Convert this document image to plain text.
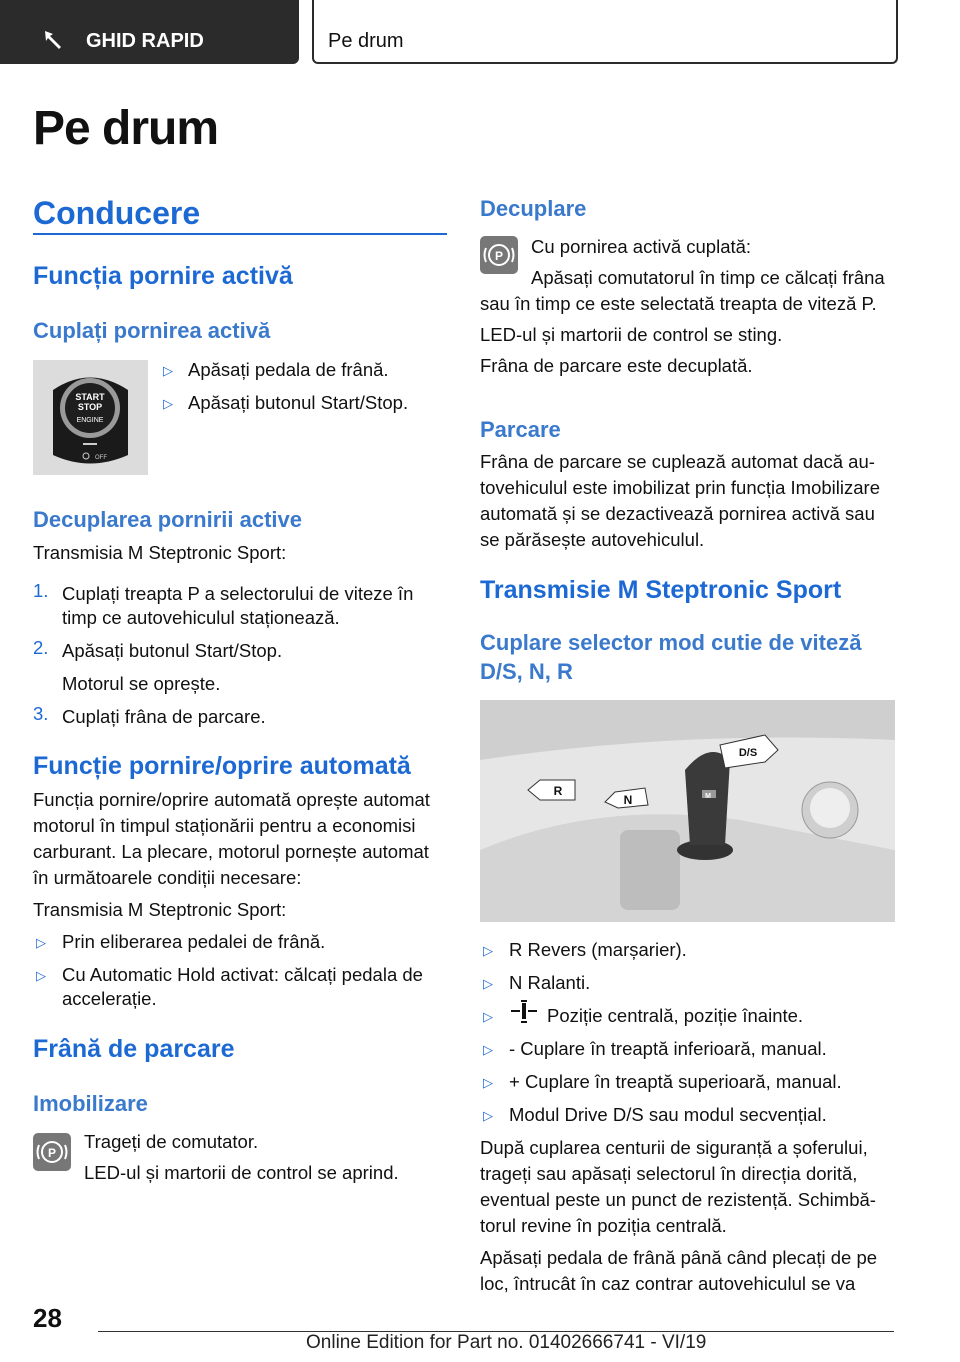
GHID RAPID	Pe drum
Pe drum
Conducere
Funcția pornire activă
Cuplați pornirea activă
START
STOP
ENGINE
OFF
▷ Apăsați pedala de frână.
▷ Apăsați butonul Start/Stop.
Decuplarea pornirii active
Transmisia M Steptronic Sport:
1. Cuplați treapta P a selectorului de viteze în
timp ce autovehiculul staționează.
2. Apăsați butonul Start/Stop.
Motorul se oprește.
3. Cuplați frâna de parcare.
Funcție pornire/oprire automată
Funcția pornire/oprire automată oprește automat
motorul în timpul staționării pentru a economisi
carburant. La plecare, motorul pornește automat
în următoarele condiții necesare:
Transmisia M Steptronic Sport:
▷ Prin eliberarea pedalei de frână.
▷ Cu Automatic Hold activat: călcați pedala de
accelerație.
Frână de parcare
Imobilizare
P
Trageți de comutator.
LED-ul și martorii de control se aprind.
Decuplare
P Cu pornirea activă cuplată:
Apăsați comutatorul în timp ce călcați frâna
sau în timp ce este selectată treapta de viteză P.
LED-ul și martorii de control se sting.
Frâna de parcare este decuplată.
Parcare
Frâna de parcare se cuplează automat dacă au-
tovehiculul este imobilizat prin funcția Imobilizare
automată și se dezactivează pornirea activă sau
se părăsește autovehiculul.
Transmisie M Steptronic Sport
Cuplare selector mod cutie de viteză
D/S, N, R
M
R
N
D/S
▷ R Revers (marșarier).
▷ N Ralanti.
▷	Poziție centrală, poziție înainte.
▷ - Cuplare în treaptă inferioară, manual.
▷ + Cuplare în treaptă superioară, manual.
▷ Modul Drive D/S sau modul secvențial.
După cuplarea centurii de siguranță a șoferului,
trageți sau apăsați selectorul în direcția dorită,
eventual peste un punct de rezistență. Schimbă-
torul revine în poziția centrală.
Apăsați pedala de frână până când plecați de pe
loc, întrucât în caz contrar autovehiculul se va
28
Online Edition for Part no. 01402666741 - VI/19
